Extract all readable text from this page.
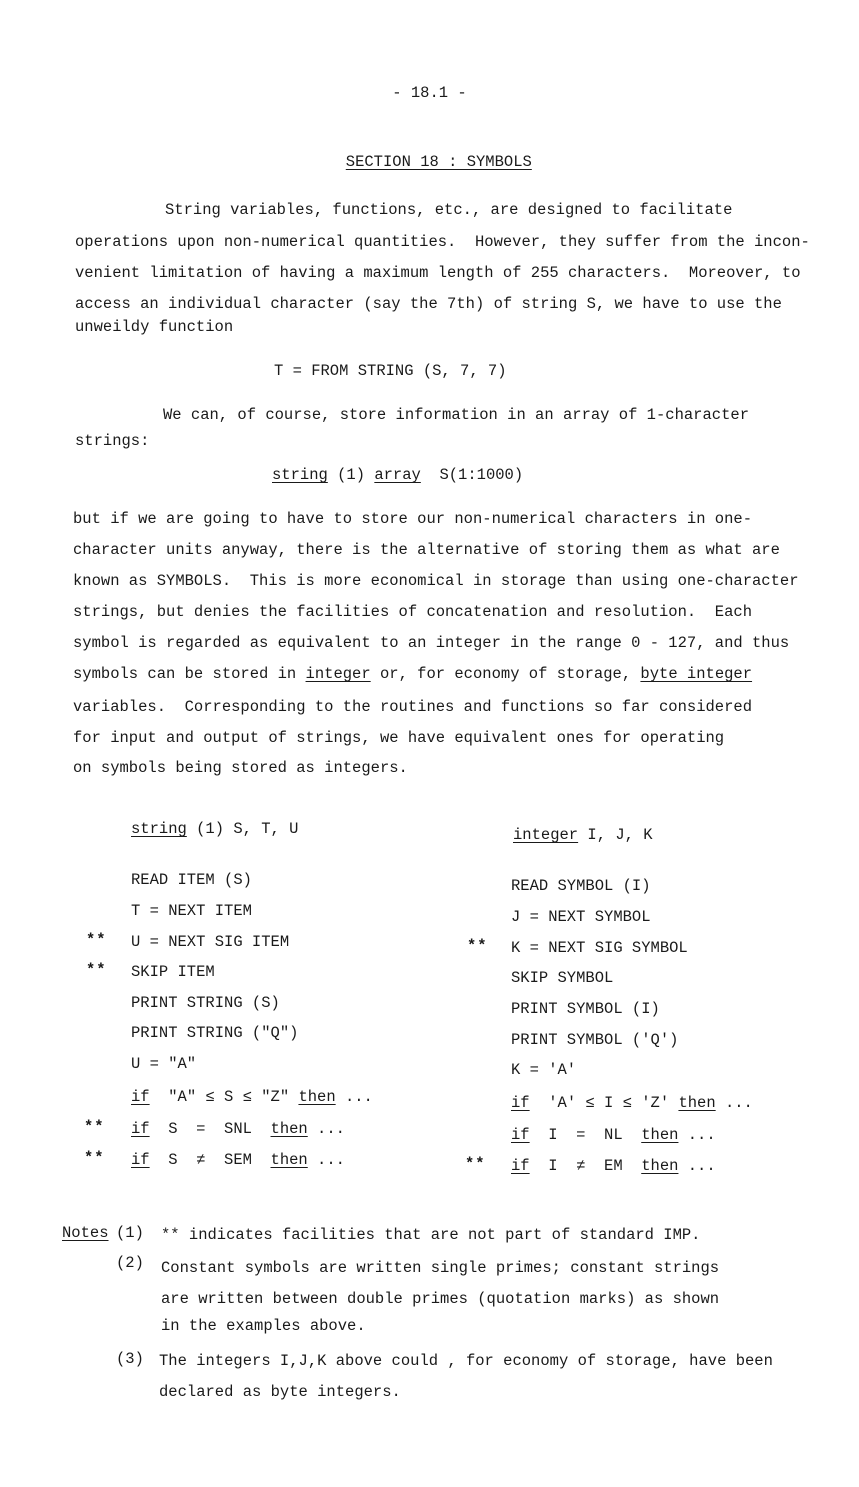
- 18.1 -

SECTION 18 : SYMBOLS

String variables, functions, etc., are designed to facilitate
operations upon non-numerical quantities.  However, they suffer from the incon-
venient limitation of having a maximum length of 255 characters.  Moreover, to
access an individual character (say the 7th) of string S, we have to use the
unweildy function
T = FROM STRING (S, 7, 7)
We can, of course, store information in an array of 1-character
strings:
string (1) array  S(1:1000)
but if we are going to have to store our non-numerical characters in one-
character units anyway, there is the alternative of storing them as what are
known as SYMBOLS.  This is more economical in storage than using one-character
strings, but denies the facilities of concatenation and resolution.  Each
symbol is regarded as equivalent to an integer in the range 0 - 127, and thus
symbols can be stored in integer or, for economy of storage, byte integer
variables.  Corresponding to the routines and functions so far considered
for input and output of strings, we have equivalent ones for operating
on symbols being stored as integers.
string (1) S, T, U
READ ITEM (S)
T = NEXT ITEM
U = NEXT SIG ITEM
SKIP ITEM
PRINT STRING (S)
PRINT STRING ("Q")
U = "A"
if  "A" ≤ S ≤ "Z" then ...
if  S  =  SNL  then ...
if  S  ≠  SEM  then ...
**
**
**
**
integer I, J, K
READ SYMBOL (I)
J = NEXT SYMBOL
K = NEXT SIG SYMBOL
SKIP SYMBOL
PRINT SYMBOL (I)
PRINT SYMBOL ('Q')
K = 'A'
if  'A' ≤ I ≤ 'Z' then ...
if  I  =  NL  then ...
if  I  ≠  EM  then ...
**
**
Notes (1) ** indicates facilities that are not part of standard IMP.
(2) Constant symbols are written single primes; constant strings
are written between double primes (quotation marks) as shown
in the examples above.
(3) The integers I,J,K above could , for economy of storage, have been
declared as byte integers.
